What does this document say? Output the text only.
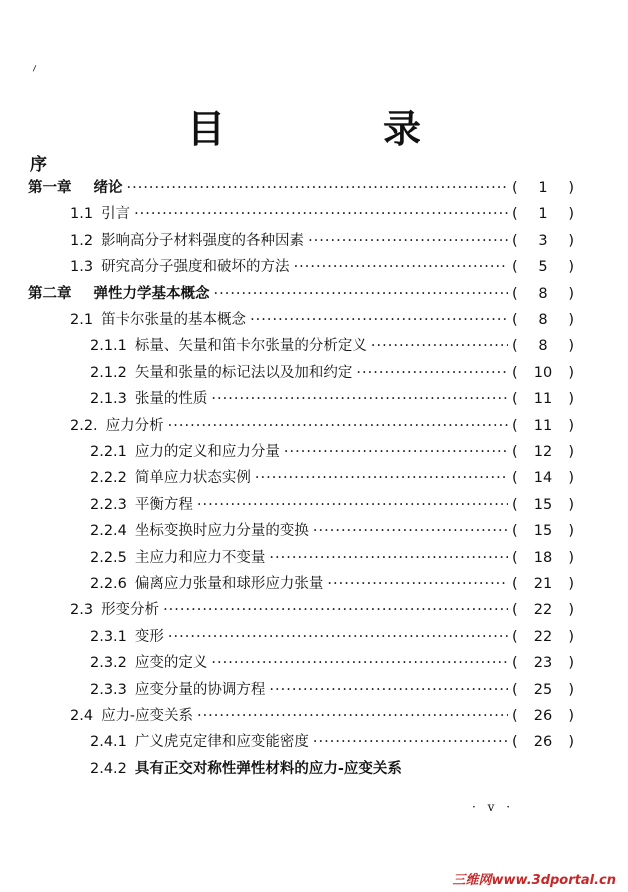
⸝
目　录
序
第一章 绪论 ·····	( 1 )
1.1 引言 ·····	( 1 )
1.2 影响高分子材料强度的各种因素 ·····	( 3 )
1.3 研究高分子强度和破坏的方法 ·····	( 5 )
第二章 弹性力学基本概念 ·····	( 8 )
2.1 笛卡尔张量的基本概念 ·····	( 8 )
2.1.1 标量、矢量和笛卡尔张量的分析定义 ·····	( 8 )
2.1.2 矢量和张量的标记法以及加和约定 ·····	( 10 )
2.1.3 张量的性质 ·····	( 11 )
2.2. 应力分析 ·····	( 11 )
2.2.1 应力的定义和应力分量 ·····	( 12 )
2.2.2 简单应力状态实例 ·····	( 14 )
2.2.3 平衡方程 ·····	( 15 )
2.2.4 坐标变换时应力分量的变换 ·····	( 15 )
2.2.5 主应力和应力不变量 ·····	( 18 )
2.2.6 偏离应力张量和球形应力张量 ·····	( 21 )
2.3 形变分析 ·····	( 22 )
2.3.1 变形 ·····	( 22 )
2.3.2 应变的定义 ·····	( 23 )
2.3.3 应变分量的协调方程 ·····	( 25 )
2.4 应力-应变关系 ·····	( 26 )
2.4.1 广义虎克定律和应变能密度 ·····	( 26 )
2.4.2 具有正交对称性弹性材料的应力-应变关系
· v ·
三维网www.3dportal.cn
